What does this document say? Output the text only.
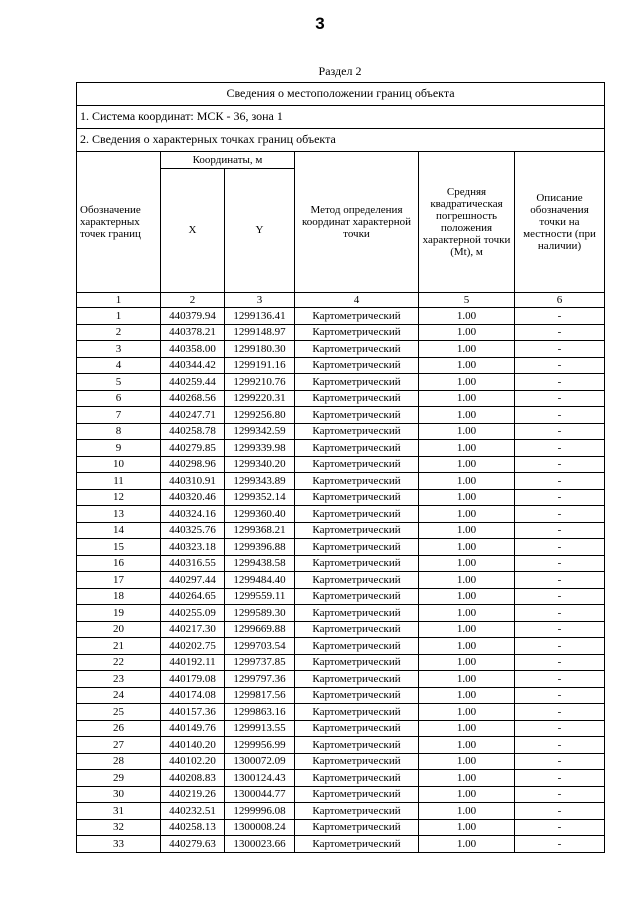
3
Раздел 2
Сведения о местоположении границ объекта					
1. Система координат: МСК - 36, зона 1					
2. Сведения о характерных точках границ объекта					
Обозначение характерных точек границ	Координаты, м		Метод определения координат характерной точки	Средняя квадратическая погрешность положения характерной точки (Mt), м	Описание обозначения точки на местности (при наличии)
	X	Y			
1	2	3	4	5	6
1	440379.94	1299136.41	Картометрический	1.00	-
2	440378.21	1299148.97	Картометрический	1.00	-
3	440358.00	1299180.30	Картометрический	1.00	-
4	440344.42	1299191.16	Картометрический	1.00	-
5	440259.44	1299210.76	Картометрический	1.00	-
6	440268.56	1299220.31	Картометрический	1.00	-
7	440247.71	1299256.80	Картометрический	1.00	-
8	440258.78	1299342.59	Картометрический	1.00	-
9	440279.85	1299339.98	Картометрический	1.00	-
10	440298.96	1299340.20	Картометрический	1.00	-
11	440310.91	1299343.89	Картометрический	1.00	-
12	440320.46	1299352.14	Картометрический	1.00	-
13	440324.16	1299360.40	Картометрический	1.00	-
14	440325.76	1299368.21	Картометрический	1.00	-
15	440323.18	1299396.88	Картометрический	1.00	-
16	440316.55	1299438.58	Картометрический	1.00	-
17	440297.44	1299484.40	Картометрический	1.00	-
18	440264.65	1299559.11	Картометрический	1.00	-
19	440255.09	1299589.30	Картометрический	1.00	-
20	440217.30	1299669.88	Картометрический	1.00	-
21	440202.75	1299703.54	Картометрический	1.00	-
22	440192.11	1299737.85	Картометрический	1.00	-
23	440179.08	1299797.36	Картометрический	1.00	-
24	440174.08	1299817.56	Картометрический	1.00	-
25	440157.36	1299863.16	Картометрический	1.00	-
26	440149.76	1299913.55	Картометрический	1.00	-
27	440140.20	1299956.99	Картометрический	1.00	-
28	440102.20	1300072.09	Картометрический	1.00	-
29	440208.83	1300124.43	Картометрический	1.00	-
30	440219.26	1300044.77	Картометрический	1.00	-
31	440232.51	1299996.08	Картометрический	1.00	-
32	440258.13	1300008.24	Картометрический	1.00	-
33	440279.63	1300023.66	Картометрический	1.00	-
